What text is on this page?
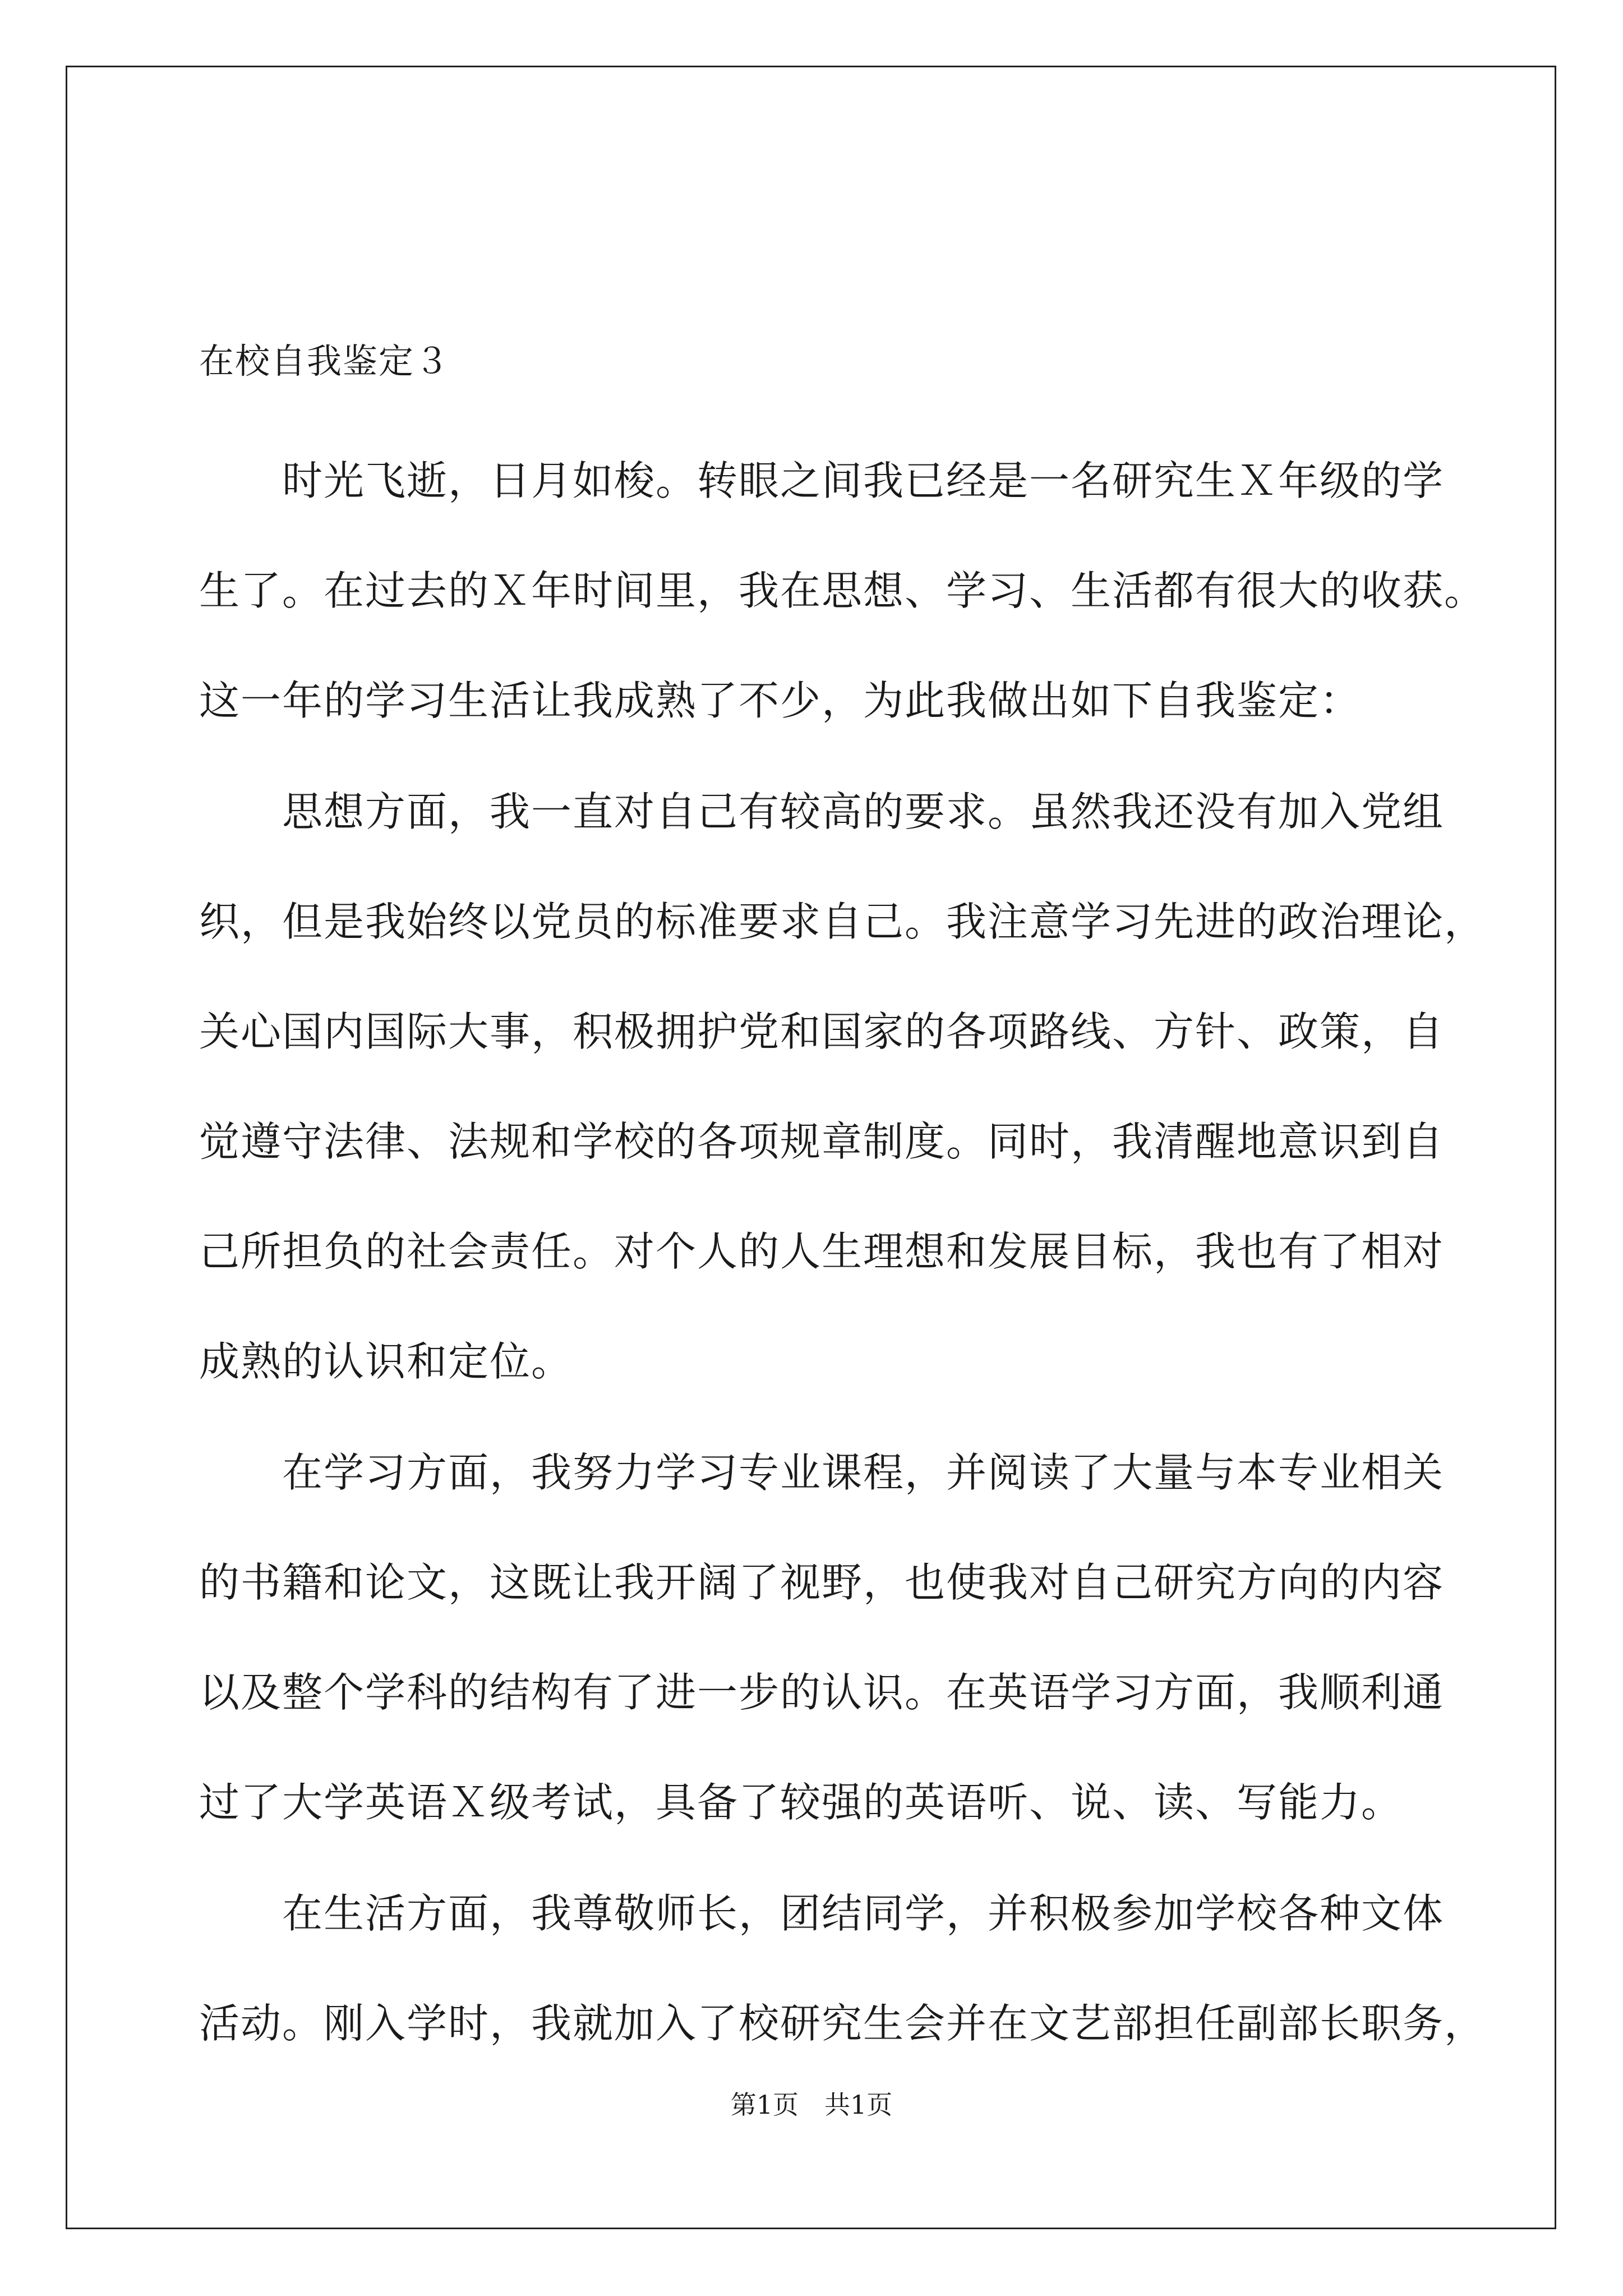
在校自我鉴定３

时光飞逝，日月如梭。转眼之间我已经是一名研究生Ｘ年级的学
生了。在过去的Ｘ年时间里，我在思想、学习、生活都有很大的收获。
这一年的学习生活让我成熟了不少，为此我做出如下自我鉴定：

思想方面，我一直对自己有较高的要求。虽然我还没有加入党组
织，但是我始终以党员的标准要求自己。我注意学习先进的政治理论，
关心国内国际大事，积极拥护党和国家的各项路线、方针、政策，自
觉遵守法律、法规和学校的各项规章制度。同时，我清醒地意识到自
己所担负的社会责任。对个人的人生理想和发展目标，我也有了相对
成熟的认识和定位。

在学习方面，我努力学习专业课程，并阅读了大量与本专业相关
的书籍和论文，这既让我开阔了视野，也使我对自己研究方向的内容
以及整个学科的结构有了进一步的认识。在英语学习方面，我顺利通
过了大学英语Ｘ级考试，具备了较强的英语听、说、读、写能力。

在生活方面，我尊敬师长，团结同学，并积极参加学校各种文体
活动。刚入学时，我就加入了校研究生会并在文艺部担任副部长职务，

第1页　共1页
